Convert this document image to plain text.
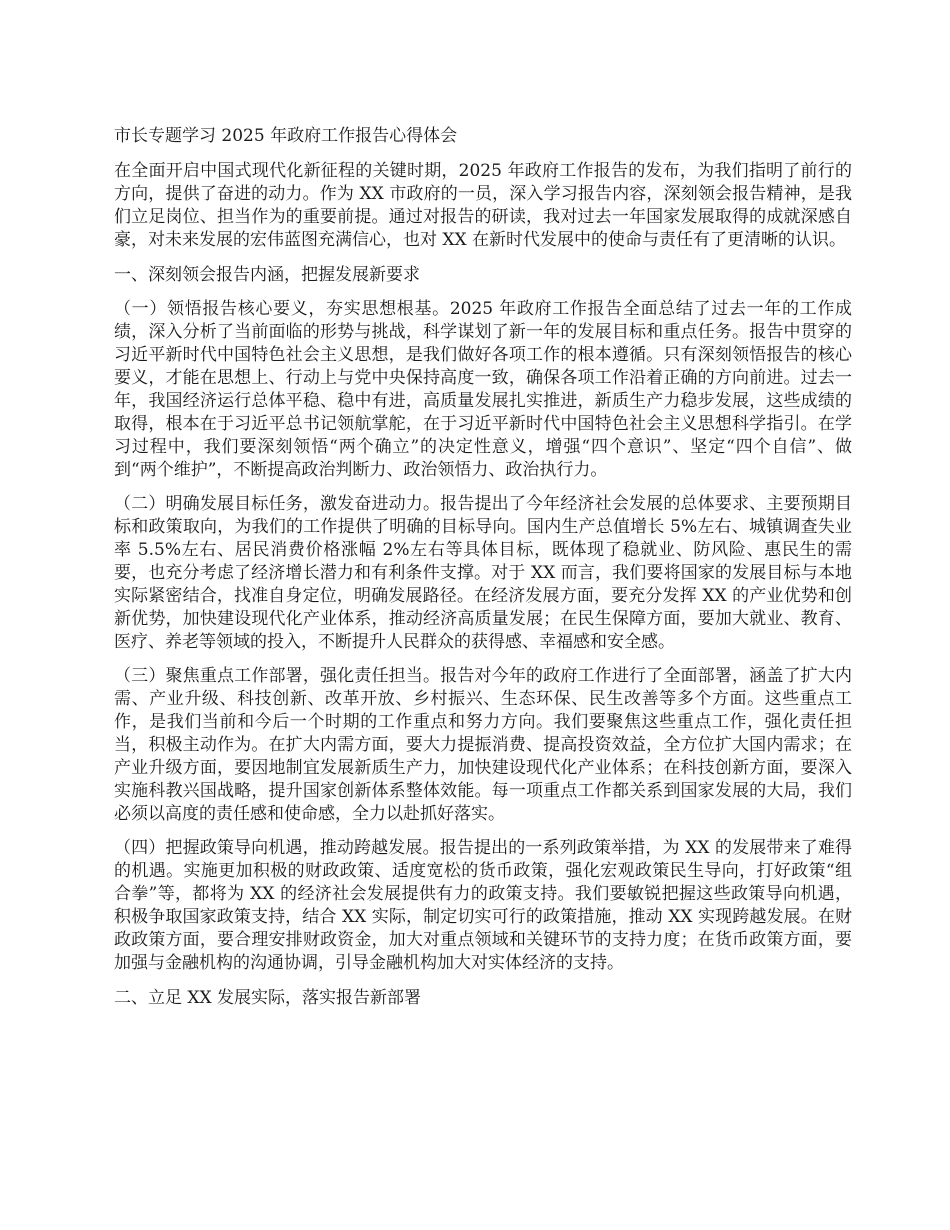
市长专题学习 2025 年政府工作报告心得体会

在全面开启中国式现代化新征程的关键时期，2025 年政府工作报告的发布，为我们指明了前行的方向，提供了奋进的动力。作为 XX 市政府的一员，深入学习报告内容，深刻领会报告精神，是我们立足岗位、担当作为的重要前提。通过对报告的研读，我对过去一年国家发展取得的成就深感自豪，对未来发展的宏伟蓝图充满信心，也对 XX 在新时代发展中的使命与责任有了更清晰的认识。

一、深刻领会报告内涵，把握发展新要求

（一）领悟报告核心要义，夯实思想根基。2025 年政府工作报告全面总结了过去一年的工作成绩，深入分析了当前面临的形势与挑战，科学谋划了新一年的发展目标和重点任务。报告中贯穿的习近平新时代中国特色社会主义思想，是我们做好各项工作的根本遵循。只有深刻领悟报告的核心要义，才能在思想上、行动上与党中央保持高度一致，确保各项工作沿着正确的方向前进。过去一年，我国经济运行总体平稳、稳中有进，高质量发展扎实推进，新质生产力稳步发展，这些成绩的取得，根本在于习近平总书记领航掌舵，在于习近平新时代中国特色社会主义思想科学指引。在学习过程中，我们要深刻领悟“两个确立”的决定性意义，增强“四个意识”、坚定“四个自信”、做到“两个维护”，不断提高政治判断力、政治领悟力、政治执行力。

（二）明确发展目标任务，激发奋进动力。报告提出了今年经济社会发展的总体要求、主要预期目标和政策取向，为我们的工作提供了明确的目标导向。国内生产总值增长 5%左右、城镇调查失业率 5.5%左右、居民消费价格涨幅 2%左右等具体目标，既体现了稳就业、防风险、惠民生的需要，也充分考虑了经济增长潜力和有利条件支撑。对于 XX 而言，我们要将国家的发展目标与本地实际紧密结合，找准自身定位，明确发展路径。在经济发展方面，要充分发挥 XX 的产业优势和创新优势，加快建设现代化产业体系，推动经济高质量发展；在民生保障方面，要加大就业、教育、医疗、养老等领域的投入，不断提升人民群众的获得感、幸福感和安全感。

（三）聚焦重点工作部署，强化责任担当。报告对今年的政府工作进行了全面部署，涵盖了扩大内需、产业升级、科技创新、改革开放、乡村振兴、生态环保、民生改善等多个方面。这些重点工作，是我们当前和今后一个时期的工作重点和努力方向。我们要聚焦这些重点工作，强化责任担当，积极主动作为。在扩大内需方面，要大力提振消费、提高投资效益，全方位扩大国内需求；在产业升级方面，要因地制宜发展新质生产力，加快建设现代化产业体系；在科技创新方面，要深入实施科教兴国战略，提升国家创新体系整体效能。每一项重点工作都关系到国家发展的大局，我们必须以高度的责任感和使命感，全力以赴抓好落实。

（四）把握政策导向机遇，推动跨越发展。报告提出的一系列政策举措，为 XX 的发展带来了难得的机遇。实施更加积极的财政政策、适度宽松的货币政策，强化宏观政策民生导向，打好政策“组合拳”等，都将为 XX 的经济社会发展提供有力的政策支持。我们要敏锐把握这些政策导向机遇，积极争取国家政策支持，结合 XX 实际，制定切实可行的政策措施，推动 XX 实现跨越发展。在财政政策方面，要合理安排财政资金，加大对重点领域和关键环节的支持力度；在货币政策方面，要加强与金融机构的沟通协调，引导金融机构加大对实体经济的支持。

二、立足 XX 发展实际，落实报告新部署
